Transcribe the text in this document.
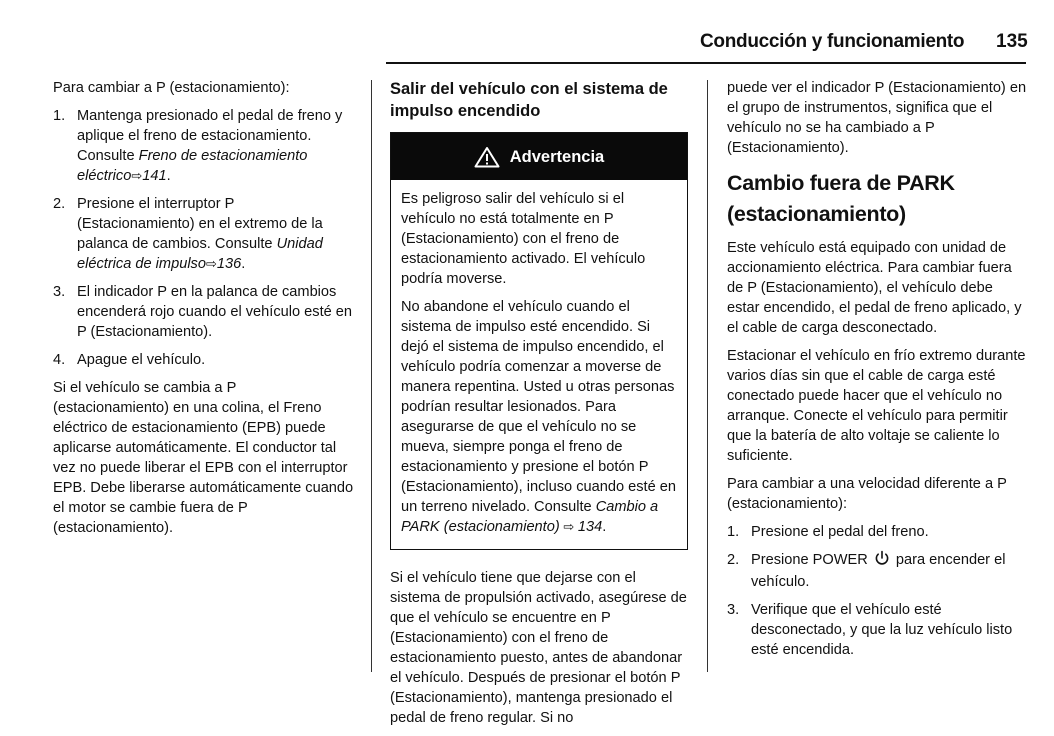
Conducción y funcionamiento 135

Para cambiar a P (estacionamiento):

1. Mantenga presionado el pedal de freno y aplique el freno de estacionamiento. Consulte Freno de estacionamiento eléctrico⇨141.
2. Presione el interruptor P (Estacionamiento) en el extremo de la palanca de cambios. Consulte Unidad eléctrica de impulso⇨136.
3. El indicador P en la palanca de cambios encenderá rojo cuando el vehículo esté en P (Estacionamiento).
4. Apague el vehículo.

Si el vehículo se cambia a P (estacionamiento) en una colina, el Freno eléctrico de estacionamiento (EPB) puede aplicarse automáticamente. El conductor tal vez no puede liberar el EPB con el interruptor EPB. Debe liberarse automáticamente cuando el motor se cambie fuera de P (estacionamiento).

Salir del vehículo con el sistema de impulso encendido
Advertencia

Es peligroso salir del vehículo si el vehículo no está totalmente en P (Estacionamiento) con el freno de estacionamiento activado. El vehículo podría moverse.

No abandone el vehículo cuando el sistema de impulso esté encendido. Si dejó el sistema de impulso encendido, el vehículo podría comenzar a moverse de manera repentina. Usted u otras personas podrían resultar lesionados. Para asegurarse de que el vehículo no se mueva, siempre ponga el freno de estacionamiento y presione el botón P (Estacionamiento), incluso cuando esté en un terreno nivelado. Consulte Cambio a PARK (estacionamiento) ⇨ 134.

Si el vehículo tiene que dejarse con el sistema de propulsión activado, asegúrese de que el vehículo se encuentre en P (Estacionamiento) con el freno de estacionamiento puesto, antes de abandonar el vehículo. Después de presionar el botón P (Estacionamiento), mantenga presionado el pedal de freno regular. Si no

puede ver el indicador P (Estacionamiento) en el grupo de instrumentos, significa que el vehículo no se ha cambiado a P (Estacionamiento).

Cambio fuera de PARK (estacionamiento)

Este vehículo está equipado con unidad de accionamiento eléctrica. Para cambiar fuera de P (Estacionamiento), el vehículo debe estar encendido, el pedal de freno aplicado, y el cable de carga desconectado.

Estacionar el vehículo en frío extremo durante varios días sin que el cable de carga esté conectado puede hacer que el vehículo no arranque. Conecte el vehículo para permitir que la batería de alto voltaje se caliente lo suficiente.

Para cambiar a una velocidad diferente a P (estacionamiento):

1. Presione el pedal del freno.
2. Presione POWER para encender el vehículo.
3. Verifique que el vehículo esté desconectado, y que la luz vehículo listo esté encendida.
